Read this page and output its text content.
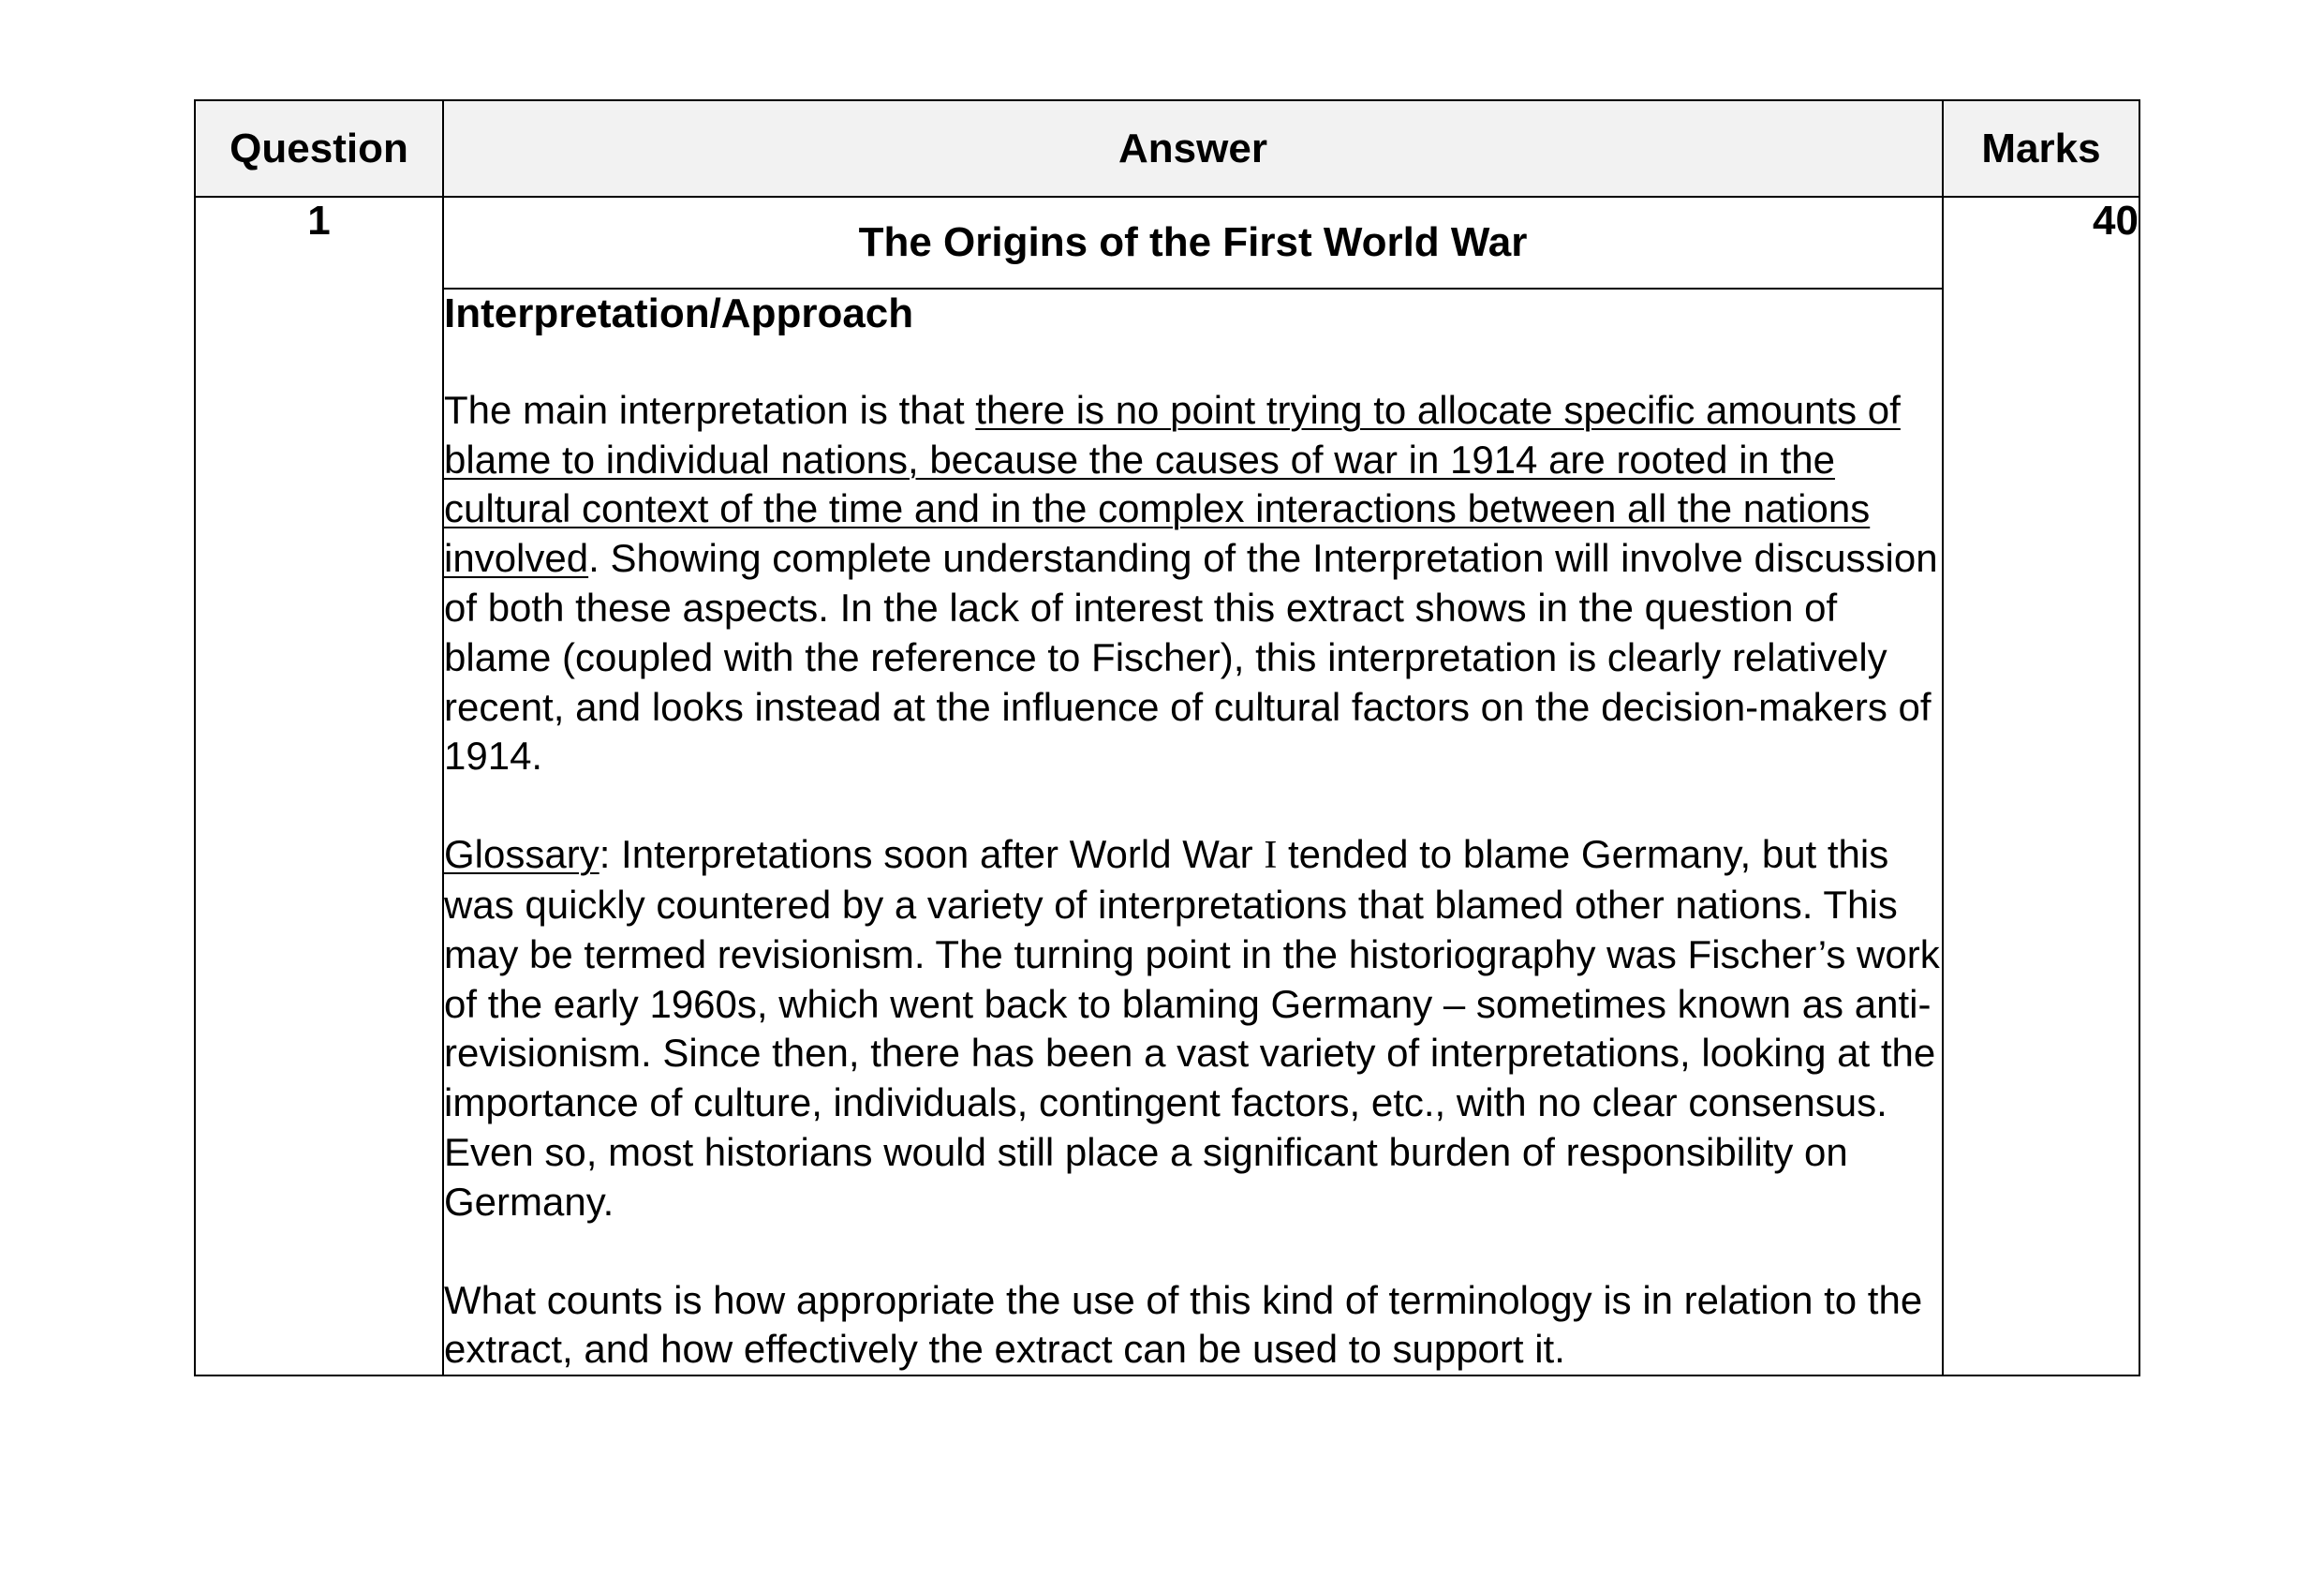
Question	Answer	Marks
1	The Origins of the First World War	40

	Interpretation/Approach

The main interpretation is that there is no point trying to allocate specific amounts of blame to individual nations, because the causes of war in 1914 are rooted in the cultural context of the time and in the complex interactions between all the nations involved. Showing complete understanding of the Interpretation will involve discussion of both these aspects. In the lack of interest this extract shows in the question of blame (coupled with the reference to Fischer), this interpretation is clearly relatively recent, and looks instead at the influence of cultural factors on the decision-makers of 1914.

Glossary: Interpretations soon after World War I tended to blame Germany, but this was quickly countered by a variety of interpretations that blamed other nations. This may be termed revisionism. The turning point in the historiography was Fischer’s work of the early 1960s, which went back to blaming Germany – sometimes known as anti-revisionism. Since then, there has been a vast variety of interpretations, looking at the importance of culture, individuals, contingent factors, etc., with no clear consensus. Even so, most historians would still place a significant burden of responsibility on Germany.

What counts is how appropriate the use of this kind of terminology is in relation to the extract, and how effectively the extract can be used to support it.	
